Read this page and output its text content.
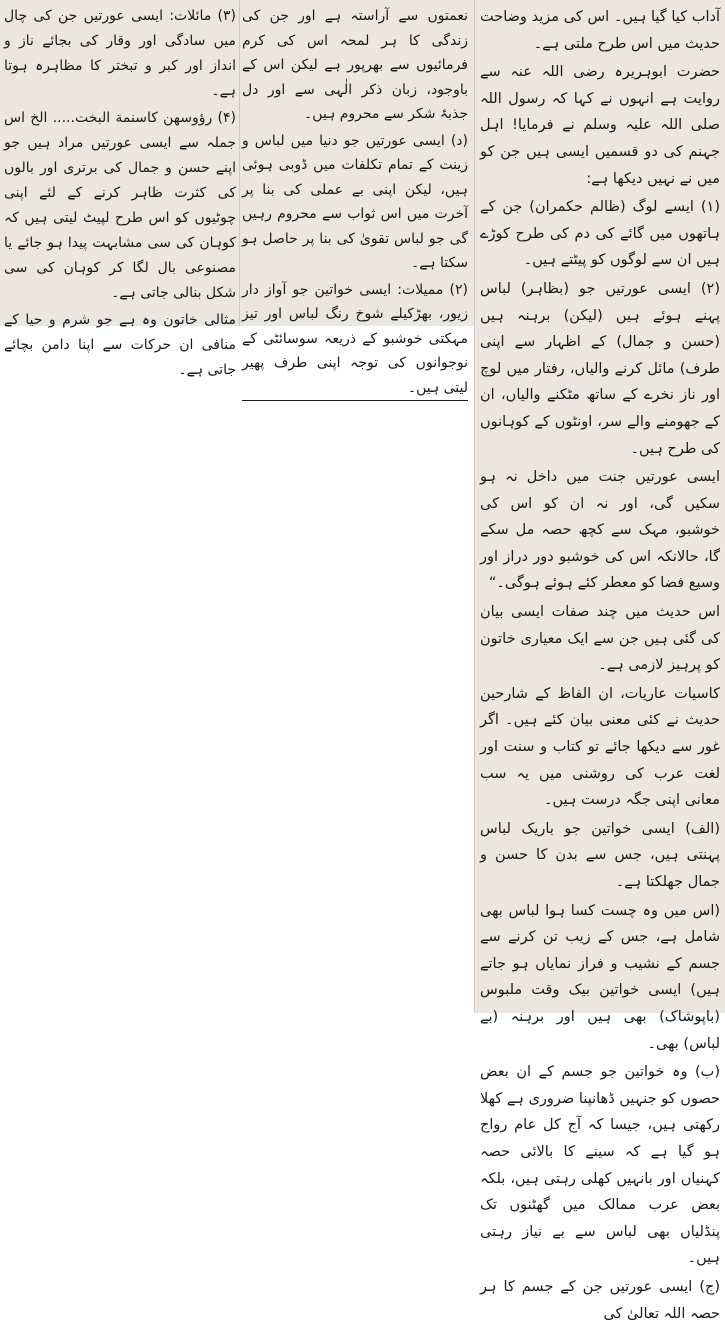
آداب کیا گیا ہیں۔ اس کی مزید وضاحت حدیث میں اس طرح ملتی ہے۔
حضرت ابوہریرہ رضی اللہ عنہ سے روایت ہے انہوں نے کہا کہ رسول اللہ صلی اللہ علیہ وسلم نے فرمایا! اہل جہنم کی دو قسمیں ایسی ہیں جن کو میں نے نہیں دیکھا ہے:
(۱) ایسے لوگ (ظالم حکمران) جن کے ہاتھوں میں گائے کی دم کی طرح کوڑے ہیں ان سے لوگوں کو پیٹتے ہیں۔
(۲) ایسی عورتیں جو (بظاہر) لباس پہنے ہوئے ہیں (لیکن) برہنہ ہیں (حسن و جمال) کے اظہار سے اپنی طرف) مائل کرنے والیاں، رفتار میں لوچ اور ناز نخرے کے ساتھ مٹکنے والیاں، ان کے جھومنے والے سر، اونٹوں کے کوہانوں کی طرح ہیں۔
ایسی عورتیں جنت میں داخل نہ ہو سکیں گی، اور نہ ان کو اس کی خوشبو، مہک سے کچھ حصہ مل سکے گا، حالانکہ اس کی خوشبو دور دراز اور وسیع فضا کو معطر کئے ہوئے ہوگی۔“
اس حدیث میں چند صفات ایسی بیان کی گئی ہیں جن سے ایک معیاری خاتون کو پرہیز لازمی ہے۔
کاسیات عاریات، ان الفاظ کے شارحین حدیث نے کئی معنی بیان کئے ہیں۔ اگر غور سے دیکھا جائے تو کتاب و سنت اور لغت عرب کی روشنی میں یہ سب معانی اپنی جگہ درست ہیں۔
(الف) ایسی خواتین جو باریک لباس پہنتی ہیں، جس سے بدن کا حسن و جمال جھلکتا ہے۔
(اس میں وہ چست کسا ہوا لباس بھی شامل ہے، جس کے زیب تن کرنے سے جسم کے نشیب و فراز نمایاں ہو جاتے ہیں) ایسی خواتین بیک وقت ملبوس (باپوشاک) بھی ہیں اور برہنہ (بے لباس) بھی۔
(ب) وہ خواتین جو جسم کے ان بعض حصوں کو جنہیں ڈھانپنا ضروری ہے کھلا رکھتی ہیں، جیسا کہ آج کل عام رواج ہو گیا ہے کہ سینے کا بالائی حصہ کہنیاں اور بانہیں کھلی رہتی ہیں، بلکہ بعض عرب ممالک میں گھٹنوں تک پنڈلیاں بھی لباس سے بے نیاز رہتی ہیں۔
(ج) ایسی عورتیں جن کے جسم کا ہر حصہ اللہ تعالیٰ کی
نعمتوں سے آراستہ ہے اور جن کی زندگی کا ہر لمحہ اس کی کرم فرمائیوں سے بھرپور ہے لیکن اس کے باوجود، زبان ذکر الٰہی سے اور دل جذبۂ شکر سے محروم ہیں۔
(د) ایسی عورتیں جو دنیا میں لباس و زینت کے تمام تکلفات میں ڈوبی ہوئی ہیں، لیکن اپنی بے عملی کی بنا پر آخرت میں اس ثواب سے محروم رہیں گی جو لباس تقویٰ کی بنا پر حاصل ہو سکتا ہے۔
(۲) ممیلات: ایسی خواتین جو آواز دار زیور، بھڑکیلے شوخ رنگ لباس اور تیز مہکتی خوشبو کے ذریعہ سوسائٹی کے نوجوانوں کی توجہ اپنی طرف پھیر لیتی ہیں۔
(۳) مائلات: ایسی عورتیں جن کی چال میں سادگی اور وقار کی بجائے ناز و انداز اور کبر و تبختر کا مظاہرہ ہوتا ہے۔
(۴) رؤوسهن كاسنمة البخت..... الخ اس جملہ سے ایسی عورتیں مراد ہیں جو اپنے حسن و جمال کی برتری اور بالوں کی کثرت ظاہر کرنے کے لئے اپنی چوٹیوں کو اس طرح لپیٹ لیتی ہیں کہ کوہان کی سی مشابہت پیدا ہو جائے یا مصنوعی بال لگا کر کوہان کی سی شکل بنالی جاتی ہے۔
مثالی خاتون وہ ہے جو شرم و حیا کے منافی ان حرکات سے اپنا دامن بچائے جاتی ہے۔
